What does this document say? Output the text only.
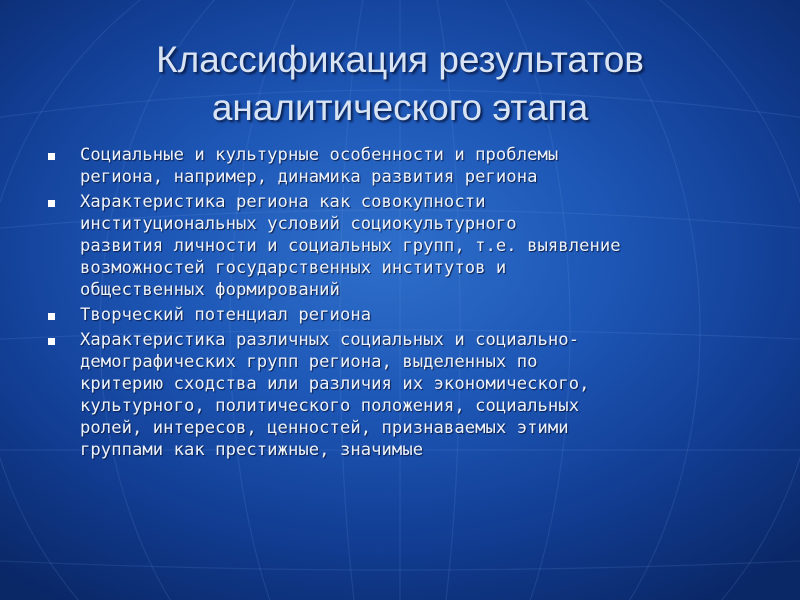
Классификация результатов
аналитического этапа
Социальные и культурные особенности и проблемы
региона, например, динамика развития региона
Характеристика региона как совокупности
институциональных условий социокультурного
развития личности и социальных групп, т.е. выявление
возможностей государственных институтов и
общественных формирований
Творческий потенциал региона
Характеристика различных социальных и социально-
демографических групп региона, выделенных по
критерию сходства или различия их экономического,
культурного, политического положения, социальных
ролей, интересов, ценностей, признаваемых этими
группами как престижные, значимые
